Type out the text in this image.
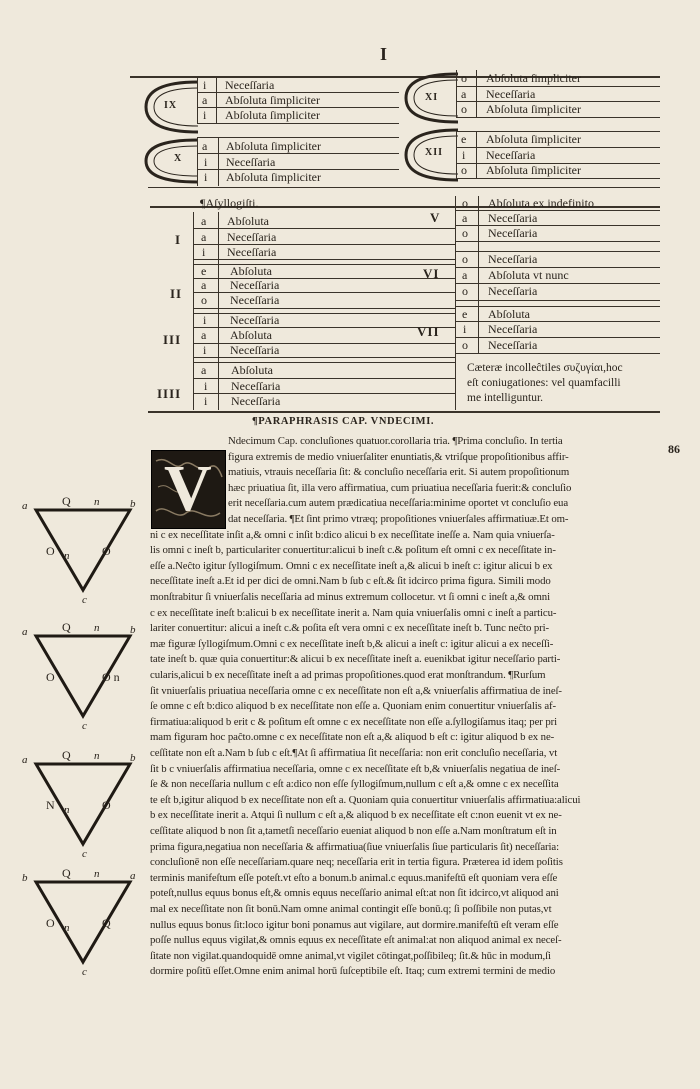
I
IX
X
i Neceſſaria
a Abſoluta ſimpliciter
i Abſoluta ſimpliciter
a Abſoluta ſimpliciter
i Neceſſaria
i Abſoluta ſimpliciter
XI
XII
o Abſoluta ſimpliciter
a Neceſſaria
o Abſoluta ſimpliciter
e Abſoluta ſimpliciter
i Neceſſaria
o Abſoluta ſimpliciter
¶Aſyllogiſti.
I
a Abſoluta
a Neceſſaria
i Neceſſaria
II
e Abſoluta
a Neceſſaria
o Neceſſaria
III
i Neceſſaria
a Abſoluta
i Neceſſaria
IIII
a Abſoluta
i Neceſſaria
i Neceſſaria
V
o Abſoluta ex indefinito
a Neceſſaria
o Neceſſaria
VI
o Neceſſaria
a Abſoluta vt nunc
o Neceſſaria
VII
e Abſoluta
i Neceſſaria
o Neceſſaria
Cæteræ incolleĉtiles συζυγίαι,hoc
eſt coniugationes: vel quamfacilli
me intelliguntur.
¶PARAPHRASIS CAP. VNDECIMI.
V
86
Ndecimum Cap. concluſiones quatuor.corollaria tria. ¶Prima concluſio. In tertia
figura extremis de medio vniuerſaliter enuntiatis,& vtriſque propoſitionibus affir-
matiuis, vtrauis neceſſaria ſit: & concluſio neceſſaria erit. Si autem propoſitionum
hæc priuatiua ſit, illa vero affirmatiua, cum priuatiua neceſſaria fuerit:& concluſio
erit neceſſaria.cum autem prædicatiua neceſſaria:minime oportet vt concluſio eua
dat neceſſaria. ¶Et ſint primo vtræq; propoſitiones vniuerſales affirmatiuæ.Et om-
ni c ex neceſſitate inſit a,& omni c inſit b:dico alicui b ex neceſſitate ineſſe a. Nam quia vniuerſa-
lis omni c ineſt b, particulariter conuertitur:alicui b ineſt c.& poſitum eſt omni c ex neceſſitate in-
eſſe a.Neĉto igitur ſyllogiſmum. Omni c ex neceſſitate ineſt a,& alicui b ineſt c: igitur alicui b ex
neceſſitate ineſt a.Et id per dici de omni.Nam b ſub c eſt.& ſit idcirco prima figura. Simili modo
monſtrabitur ſi vniuerſalis neceſſaria ad minus extremum collocetur. vt ſi omni c ineſt a,& omni
c ex neceſſitate ineſt b:alicui b ex neceſſitate inerit a. Nam quia vniuerſalis omni c ineſt a particu-
lariter conuertitur: alicui a ineſt c.& poſita eſt vera omni c ex neceſſitate ineſt b. Tunc neĉto pri-
mæ figuræ ſyllogiſmum.Omni c ex neceſſitate ineſt b,& alicui a ineſt c: igitur alicui a ex neceſſi-
tate ineſt b. quæ quia conuertitur:& alicui b ex neceſſitate ineſt a. euenikbat igitur neceſſario parti-
cularis,alicui b ex neceſſitate ineſt a ad primas propoſitiones.quod erat monſtrandum. ¶Rurſum
ſit vniuerſalis priuatiua neceſſaria omne c ex neceſſitate non eſt a,& vniuerſalis affirmatiua de ineſ-
ſe omne c eſt b:dico aliquod b ex neceſſitate non eſſe a. Quoniam enim conuertitur vniuerſalis af-
firmatiua:aliquod b erit c & poſitum eſt omne c ex neceſſitate non eſſe a.ſyllogiſamus itaq; per pri
mam figuram hoc paĉto.omne c ex neceſſitate non eſt a,& aliquod b eſt c: igitur aliquod b ex ne-
ceſſitate non eſt a.Nam b ſub c eſt.¶At ſi affirmatiua ſit neceſſaria: non erit concluſio neceſſaria, vt
ſit b c vniuerſalis affirmatiua neceſſaria, omne c ex neceſſitate eſt b,& vniuerſalis negatiua de ineſ-
ſe & non neceſſaria nullum c eſt a:dico non eſſe ſyllogiſmum,nullum c eſt a,& omne c ex neceſſita
te eſt b,igitur aliquod b ex neceſſitate non eſt a. Quoniam quia conuertitur vniuerſalis affirmatiua:alicui
b ex neceſſitate inerit a. Atqui ſi nullum c eſt a,& aliquod b ex neceſſitate eſt c:non euenit vt ex ne-
ceſſitate aliquod b non ſit a,tametſi neceſſario eueniat aliquod b non eſſe a.Nam monſtratum eſt in
prima figura,negatiua non neceſſaria & affirmatiua(ſiue vniuerſalis ſiue particularis ſit) neceſſaria:
concluſionē non eſſe neceſſariam.quare neq; neceſſaria erit in tertia figura. Præterea id idem poſitis
terminis manifeſtum eſſe poteſt.vt eſto a bonum.b animal.c equus.manifeſtū eſt quoniam vera eſſe
poteſt,nullus equus bonus eſt,& omnis equus neceſſario animal eſt:at non ſit idcirco,vt aliquod ani
mal ex neceſſitate non ſit bonū.Nam omne animal contingit eſſe bonū.q; ſi poſſibile non putas,vt
nullus equus bonus ſit:loco igitur boni ponamus aut vigilare, aut dormire.manifeſtū eſt veram eſſe
poſſe nullus equus vigilat,& omnis equus ex neceſſitate eſt animal:at non aliquod animal ex neceſ-
ſitate non vigilat.quandoquidē omne animal,vt vigilet cōtingat,poſſibileq; ſit.& hūc in modum,ſi
dormire poſitū eſſet.Omne enim animal horū ſuſceptibile eſt. Itaq; cum extremi termini de medio
a	Q n	b
O n	O
c
a	Q n	b
O	O n
c
a	Q n	b
N n	O
c
b	Q n	a
O n	Q
c
